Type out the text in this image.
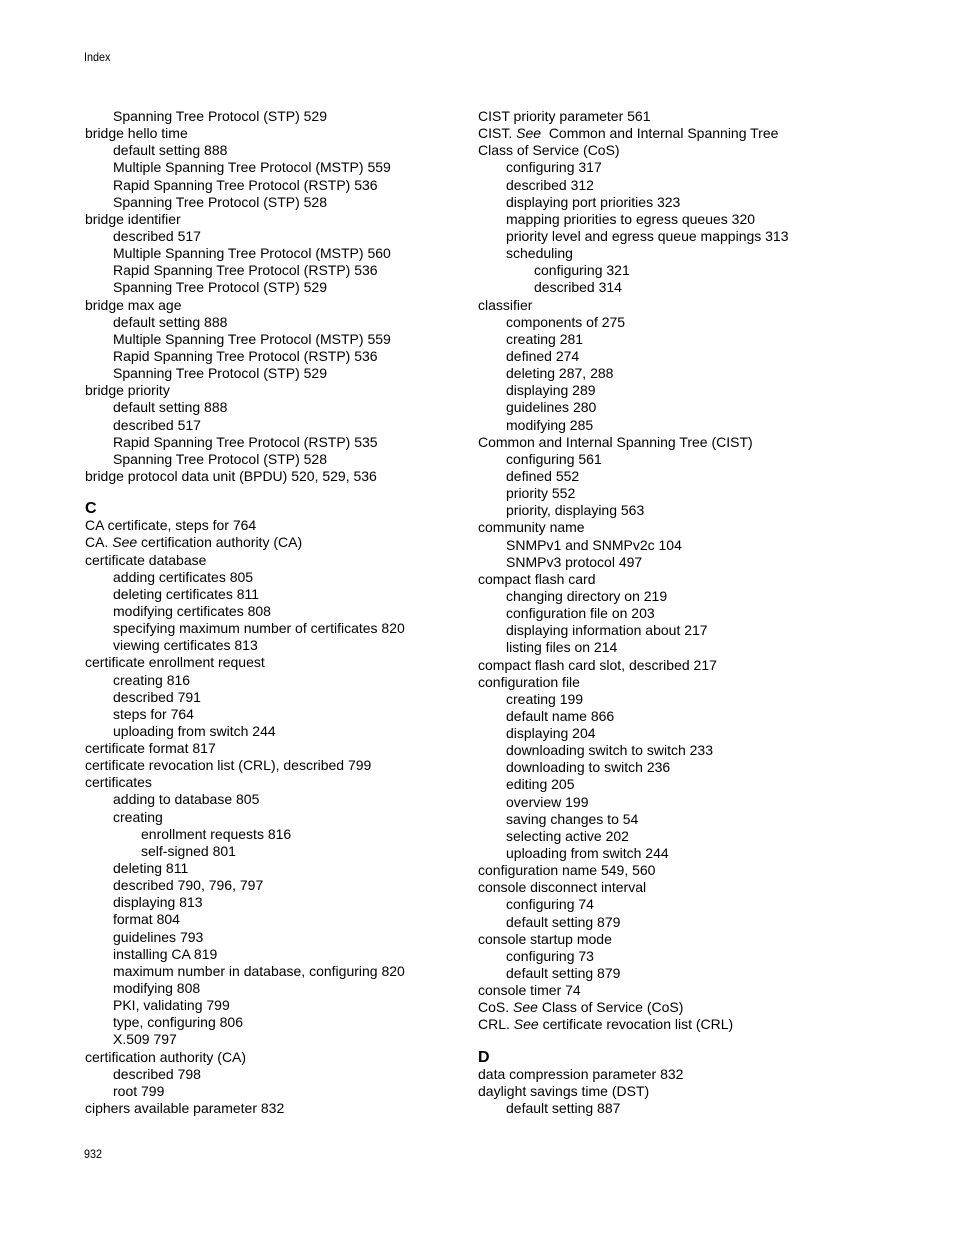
Index
Spanning Tree Protocol (STP) 529
bridge hello time
default setting 888
Multiple Spanning Tree Protocol (MSTP) 559
Rapid Spanning Tree Protocol (RSTP) 536
Spanning Tree Protocol (STP) 528
bridge identifier
described 517
Multiple Spanning Tree Protocol (MSTP) 560
Rapid Spanning Tree Protocol (RSTP) 536
Spanning Tree Protocol (STP) 529
bridge max age
default setting 888
Multiple Spanning Tree Protocol (MSTP) 559
Rapid Spanning Tree Protocol (RSTP) 536
Spanning Tree Protocol (STP) 529
bridge priority
default setting 888
described 517
Rapid Spanning Tree Protocol (RSTP) 535
Spanning Tree Protocol (STP) 528
bridge protocol data unit (BPDU) 520, 529, 536
C
CA certificate, steps for 764
CA. See certification authority (CA)
certificate database
adding certificates 805
deleting certificates 811
modifying certificates 808
specifying maximum number of certificates 820
viewing certificates 813
certificate enrollment request
creating 816
described 791
steps for 764
uploading from switch 244
certificate format 817
certificate revocation list (CRL), described 799
certificates
adding to database 805
creating
enrollment requests 816
self-signed 801
deleting 811
described 790, 796, 797
displaying 813
format 804
guidelines 793
installing CA 819
maximum number in database, configuring 820
modifying 808
PKI, validating 799
type, configuring 806
X.509 797
certification authority (CA)
described 798
root 799
ciphers available parameter 832
CIST priority parameter 561
CIST. See  Common and Internal Spanning Tree
Class of Service (CoS)
configuring 317
described 312
displaying port priorities 323
mapping priorities to egress queues 320
priority level and egress queue mappings 313
scheduling
configuring 321
described 314
classifier
components of 275
creating 281
defined 274
deleting 287, 288
displaying 289
guidelines 280
modifying 285
Common and Internal Spanning Tree (CIST)
configuring 561
defined 552
priority 552
priority, displaying 563
community name
SNMPv1 and SNMPv2c 104
SNMPv3 protocol 497
compact flash card
changing directory on 219
configuration file on 203
displaying information about 217
listing files on 214
compact flash card slot, described 217
configuration file
creating 199
default name 866
displaying 204
downloading switch to switch 233
downloading to switch 236
editing 205
overview 199
saving changes to 54
selecting active 202
uploading from switch 244
configuration name 549, 560
console disconnect interval
configuring 74
default setting 879
console startup mode
configuring 73
default setting 879
console timer 74
CoS. See Class of Service (CoS)
CRL. See certificate revocation list (CRL)
D
data compression parameter 832
daylight savings time (DST)
default setting 887
932
